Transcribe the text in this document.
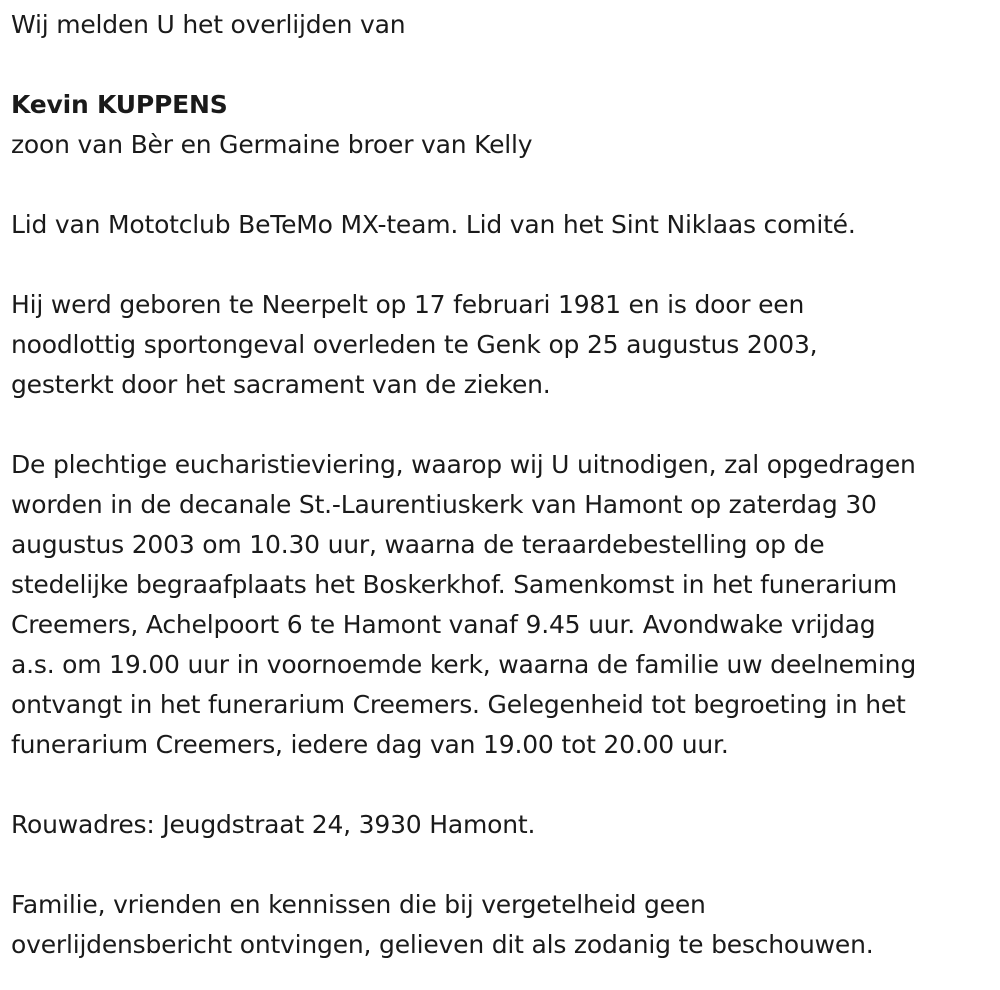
Wij melden U het overlijden van
Kevin KUPPENS
zoon van Bèr en Germaine broer van Kelly
Lid van Mototclub BeTeMo MX-team. Lid van het Sint Niklaas comité.
Hij werd geboren te Neerpelt op 17 februari 1981 en is door een
noodlottig sportongeval overleden te Genk op 25 augustus 2003,
gesterkt door het sacrament van de zieken.
De plechtige eucharistieviering, waarop wij U uitnodigen, zal opgedragen
worden in de decanale St.-Laurentiuskerk van Hamont op zaterdag 30
augustus 2003 om 10.30 uur, waarna de teraardebestelling op de
stedelijke begraafplaats het Boskerkhof. Samenkomst in het funerarium
Creemers, Achelpoort 6 te Hamont vanaf 9.45 uur. Avondwake vrijdag
a.s. om 19.00 uur in voornoemde kerk, waarna de familie uw deelneming
ontvangt in het funerarium Creemers. Gelegenheid tot begroeting in het
funerarium Creemers, iedere dag van 19.00 tot 20.00 uur.
Rouwadres: Jeugdstraat 24, 3930 Hamont.
Familie, vrienden en kennissen die bij vergetelheid geen
overlijdensbericht ontvingen, gelieven dit als zodanig te beschouwen.
